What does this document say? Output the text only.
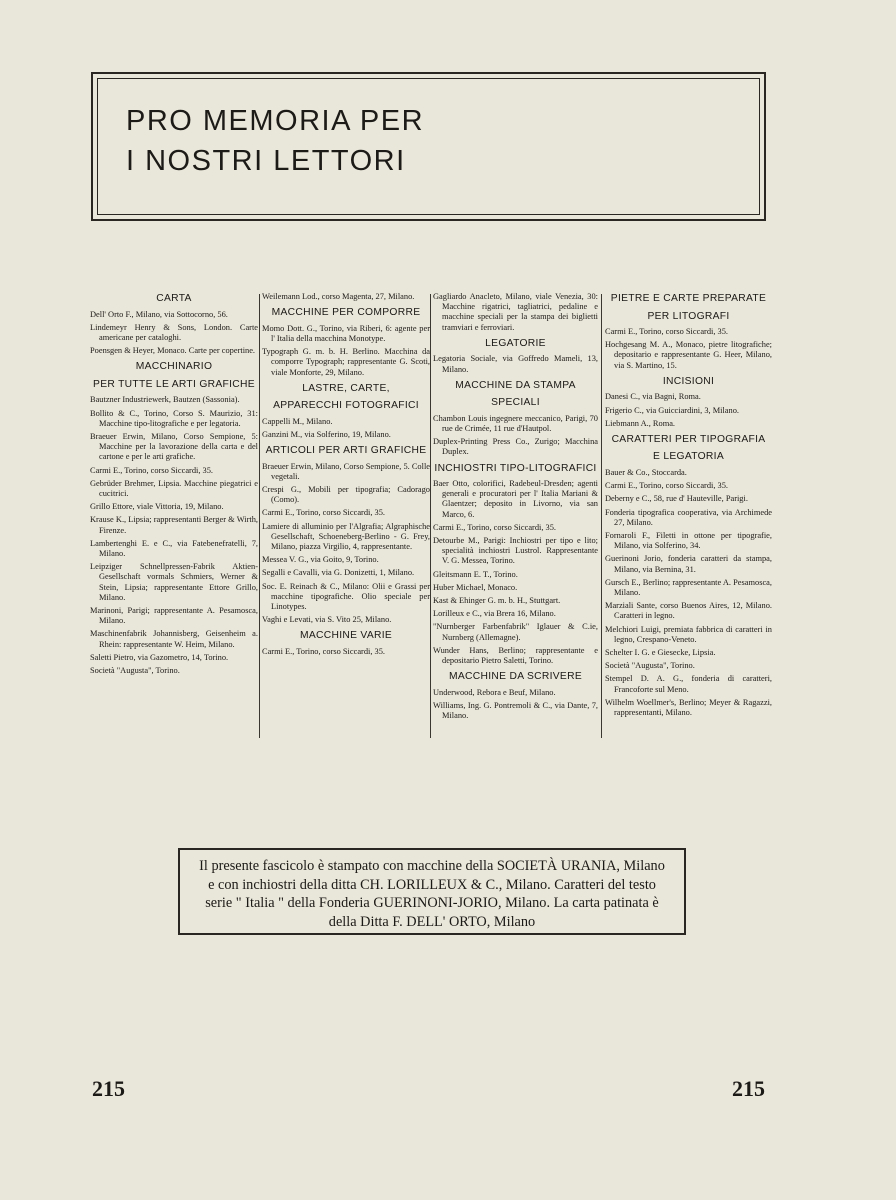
PRO MEMORIA PER
I NOSTRI LETTORI
CARTA
Dell' Orto F., Milano, via Sottocorno, 56.
Lindemeyr Henry & Sons, London. Carte americane per cataloghi.
Poensgen & Heyer, Monaco. Carte per copertine.
MACCHINARIO
PER TUTTE LE ARTI GRAFICHE
Bautzner Industriewerk, Bautzen (Sassonia).
Bollito & C., Torino, Corso S. Maurizio, 31: Macchine tipo-litografiche e per legatoria.
Braeuer Erwin, Milano, Corso Sempione, 5: Macchine per la lavorazione della carta e del cartone e per le arti grafiche.
Carmi E., Torino, corso Siccardi, 35.
Gebrüder Brehmer, Lipsia. Macchine piegatrici e cucitrici.
Grillo Ettore, viale Vittoria, 19, Milano.
Krause K., Lipsia; rappresentanti Berger & Wirth, Firenze.
Lambertenghi E. e C., via Fatebenefratelli, 7, Milano.
Leipziger Schnellpressen-Fabrik Aktien-Gesellschaft vormals Schmiers, Werner & Stein, Lipsia; rappresentante Ettore Grillo, Milano.
Marinoni, Parigi; rappresentante A. Pesamosca, Milano.
Maschinenfabrik Johannisberg, Geisenheim a. Rhein: rappresentante W. Heim, Milano.
Saletti Pietro, via Gazometro, 14, Torino.
Società "Augusta", Torino.
Weilemann Lod., corso Magenta, 27, Milano.
MACCHINE PER COMPORRE
Momo Dott. G., Torino, via Riberi, 6: agente per l' Italia della macchina Monotype.
Typograph G. m. b. H. Berlino. Macchina da comporre Typograph; rappresentante G. Scoti, viale Monforte, 29, Milano.
LASTRE, CARTE,
APPARECCHI FOTOGRAFICI
Cappelli M., Milano.
Ganzini M., via Solferino, 19, Milano.
ARTICOLI PER ARTI GRAFICHE
Braeuer Erwin, Milano, Corso Sempione, 5. Colle vegetali.
Crespi G., Mobili per tipografia; Cadorago (Como).
Carmi E., Torino, corso Siccardi, 35.
Lamiere di alluminio per l'Algrafia; Algraphische Gesellschaft, Schoeneberg-Berlino - G. Frey, Milano, piazza Virgilio, 4, rappresentante.
Messea V. G., via Goito, 9, Torino.
Segalli e Cavalli, via G. Donizetti, 1, Milano.
Soc. E. Reinach & C., Milano: Olii e Grassi per macchine tipografiche. Olio speciale per Linotypes.
Vaghi e Levati, via S. Vito 25, Milano.
MACCHINE VARIE
Carmi E., Torino, corso Siccardi, 35.
Gagliardo Anacleto, Milano, viale Venezia, 30: Macchine rigatrici, tagliatrici, pedaline e macchine speciali per la stampa dei biglietti tramviari e ferroviari.
LEGATORIE
Legatoria Sociale, via Goffredo Mameli, 13, Milano.
MACCHINE DA STAMPA
SPECIALI
Chambon Louis ingegnere meccanico, Parigi, 70 rue de Crimée, 11 rue d'Hautpol.
Duplex-Printing Press Co., Zurigo; Macchina Duplex.
INCHIOSTRI TIPO-LITOGRAFICI
Baer Otto, colorifici, Radebeul-Dresden; agenti generali e procuratori per l' Italia Mariani & Glaentzer; deposito in Livorno, via san Marco, 6.
Carmi E., Torino, corso Siccardi, 35.
Detourbe M., Parigi: Inchiostri per tipo e lito; specialità inchiostri Lustrol. Rappresentante V. G. Messea, Torino.
Gleitsmann E. T., Torino.
Huber Michael, Monaco.
Kast & Ehinger G. m. b. H., Stuttgart.
Lorilleux e C., via Brera 16, Milano.
"Nurnberger Farbenfabrik" Iglauer & C.ie, Nurnberg (Allemagne).
Wunder Hans, Berlino; rappresentante e depositario Pietro Saletti, Torino.
MACCHINE DA SCRIVERE
Underwood, Rebora e Beuf, Milano.
Williams, Ing. G. Pontremoli & C., via Dante, 7, Milano.
PIETRE E CARTE PREPARATE
PER LITOGRAFI
Carmi E., Torino, corso Siccardi, 35.
Hochgesang M. A., Monaco, pietre litografiche; depositario e rappresentante G. Heer, Milano, via S. Martino, 15.
INCISIONI
Danesi C., via Bagni, Roma.
Frigerio C., via Guicciardini, 3, Milano.
Liebmann A., Roma.
CARATTERI PER TIPOGRAFIA
E LEGATORIA
Bauer & Co., Stoccarda.
Carmi E., Torino, corso Siccardi, 35.
Deberny e C., 58, rue d' Hauteville, Parigi.
Fonderia tipografica cooperativa, via Archimede 27, Milano.
Fornaroli F., Filetti in ottone per tipografie, Milano, via Solferino, 34.
Guerinoni Jorio, fonderia caratteri da stampa, Milano, via Bernina, 31.
Gursch E., Berlino; rappresentante A. Pesamosca, Milano.
Marziali Sante, corso Buenos Aires, 12, Milano. Caratteri in legno.
Melchiori Luigi, premiata fabbrica di caratteri in legno, Crespano-Veneto.
Schelter I. G. e Giesecke, Lipsia.
Società "Augusta", Torino.
Stempel D. A. G., fonderia di caratteri, Francoforte sul Meno.
Wilhelm Woellmer's, Berlino; Meyer & Ragazzi, rappresentanti, Milano.
Il presente fascicolo è stampato con macchine della SOCIETÀ URANIA, Milano
e con inchiostri della ditta CH. LORILLEUX & C., Milano. Caratteri del testo
serie " Italia " della Fonderia GUERINONI-JORIO, Milano. La carta patinata è
della Ditta F. DELL' ORTO, Milano
215	215
